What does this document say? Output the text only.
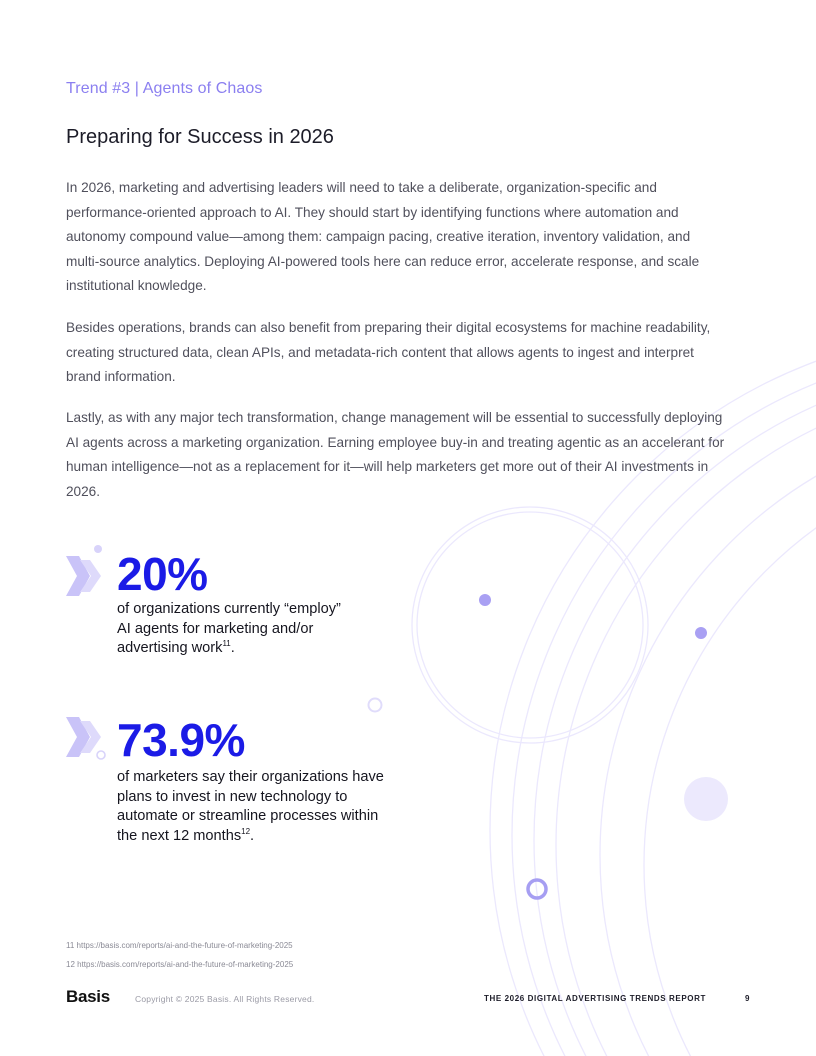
Trend #3 | Agents of Chaos
Preparing for Success in 2026

In 2026, marketing and advertising leaders will need to take a deliberate, organization-specific and performance-oriented approach to AI. They should start by identifying functions where automation and autonomy compound value—among them: campaign pacing, creative iteration, inventory validation, and multi-source analytics. Deploying AI-powered tools here can reduce error, accelerate response, and scale institutional knowledge.

Besides operations, brands can also benefit from preparing their digital ecosystems for machine readability, creating structured data, clean APIs, and metadata-rich content that allows agents to ingest and interpret brand information.

Lastly, as with any major tech transformation, change management will be essential to successfully deploying AI agents across a marketing organization. Earning employee buy-in and treating agentic as an accelerant for human intelligence—not as a replacement for it—will help marketers get more out of their AI investments in 2026.

20%

of organizations currently “employ” AI agents for marketing and/or advertising work$^{11}$.

73.9%

of marketers say their organizations have plans to invest in new technology to automate or streamline processes within the next 12 months$^{12}$.

11 https://basis.com/reports/ai-and-the-future-of-marketing-2025
12 https://basis.com/reports/ai-and-the-future-of-marketing-2025
Basis	Copyright © 2025 Basis. All Rights Reserved.	THE 2026 DIGITAL ADVERTISING TRENDS REPORT	9
